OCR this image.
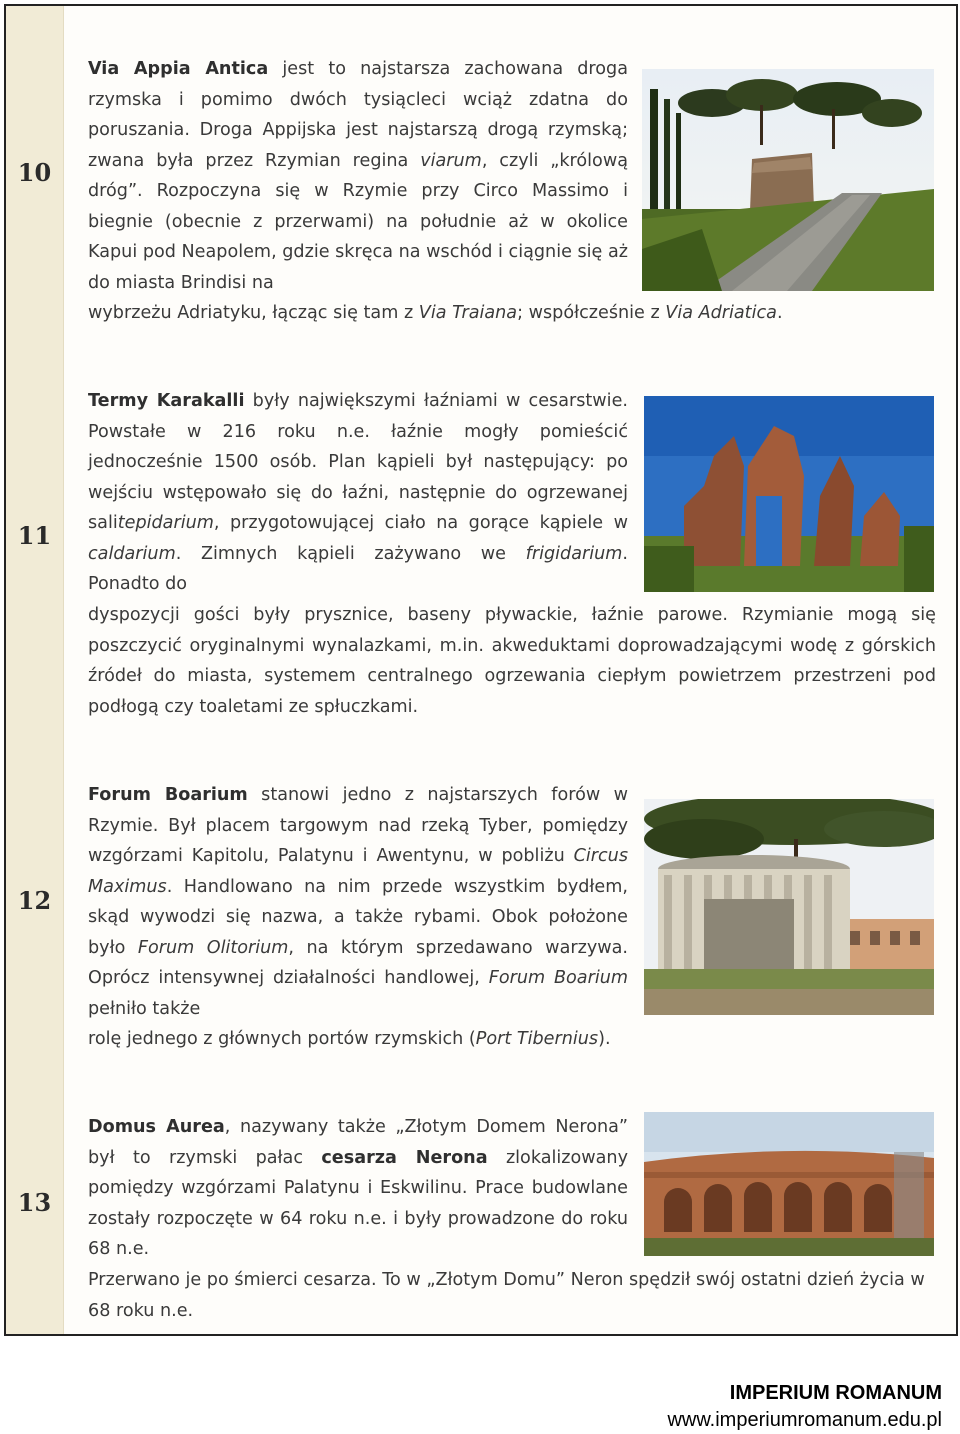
10
Via Appia Antica jest to najstarsza zachowana droga rzymska i pomimo dwóch tysiącleci wciąż zdatna do poruszania. Droga Appijska jest najstarszą drogą rzymską; zwana była przez Rzymian regina viarum, czyli „królową dróg”. Rozpoczyna się w Rzymie przy Circo Massimo i biegnie (obecnie z przerwami) na południe aż w okolice Kapui pod Neapolem, gdzie skręca na wschód i ciągnie się aż do miasta Brindisi na
wybrzeżu Adriatyku, łącząc się tam z Via Traiana; współcześnie z Via Adriatica.
11
Termy Karakalli były największymi łaźniami w cesarstwie. Powstałe w 216 roku n.e. łaźnie mogły pomieścić jednocześnie 1500 osób. Plan kąpieli był następujący: po wejściu wstępowało się do łaźni, następnie do ogrzewanej salitepidarium, przygotowującej ciało na gorące kąpiele w caldarium. Zimnych kąpieli zażywano we frigidarium. Ponadto do
dyspozycji gości były prysznice, baseny pływackie, łaźnie parowe. Rzymianie mogą się poszczycić oryginalnymi wynalazkami, m.in. akweduktami doprowadzającymi wodę z górskich źródeł do miasta, systemem centralnego ogrzewania ciepłym powietrzem przestrzeni pod podłogą czy toaletami ze spłuczkami.
12
Forum Boarium stanowi jedno z najstarszych forów w Rzymie. Był placem targowym nad rzeką Tyber, pomiędzy wzgórzami Kapitolu, Palatynu i Awentynu, w pobliżu Circus Maximus. Handlowano na nim przede wszystkim bydłem, skąd wywodzi się nazwa, a także rybami. Obok położone było Forum Olitorium, na którym sprzedawano warzywa. Oprócz intensywnej działalności handlowej, Forum Boarium pełniło także
rolę jednego z głównych portów rzymskich (Port Tibernius).
13
Domus Aurea, nazywany także „Złotym Domem Nerona” był to rzymski pałac cesarza Nerona zlokalizowany pomiędzy wzgórzami Palatynu i Eskwilinu. Prace budowlane zostały rozpoczęte w 64 roku n.e. i były prowadzone do roku 68 n.e.
Przerwano je po śmierci cesarza. To w „Złotym Domu” Neron spędził swój ostatni dzień życia w 68 roku n.e.
IMPERIUM ROMANUM
www.imperiumromanum.edu.pl
